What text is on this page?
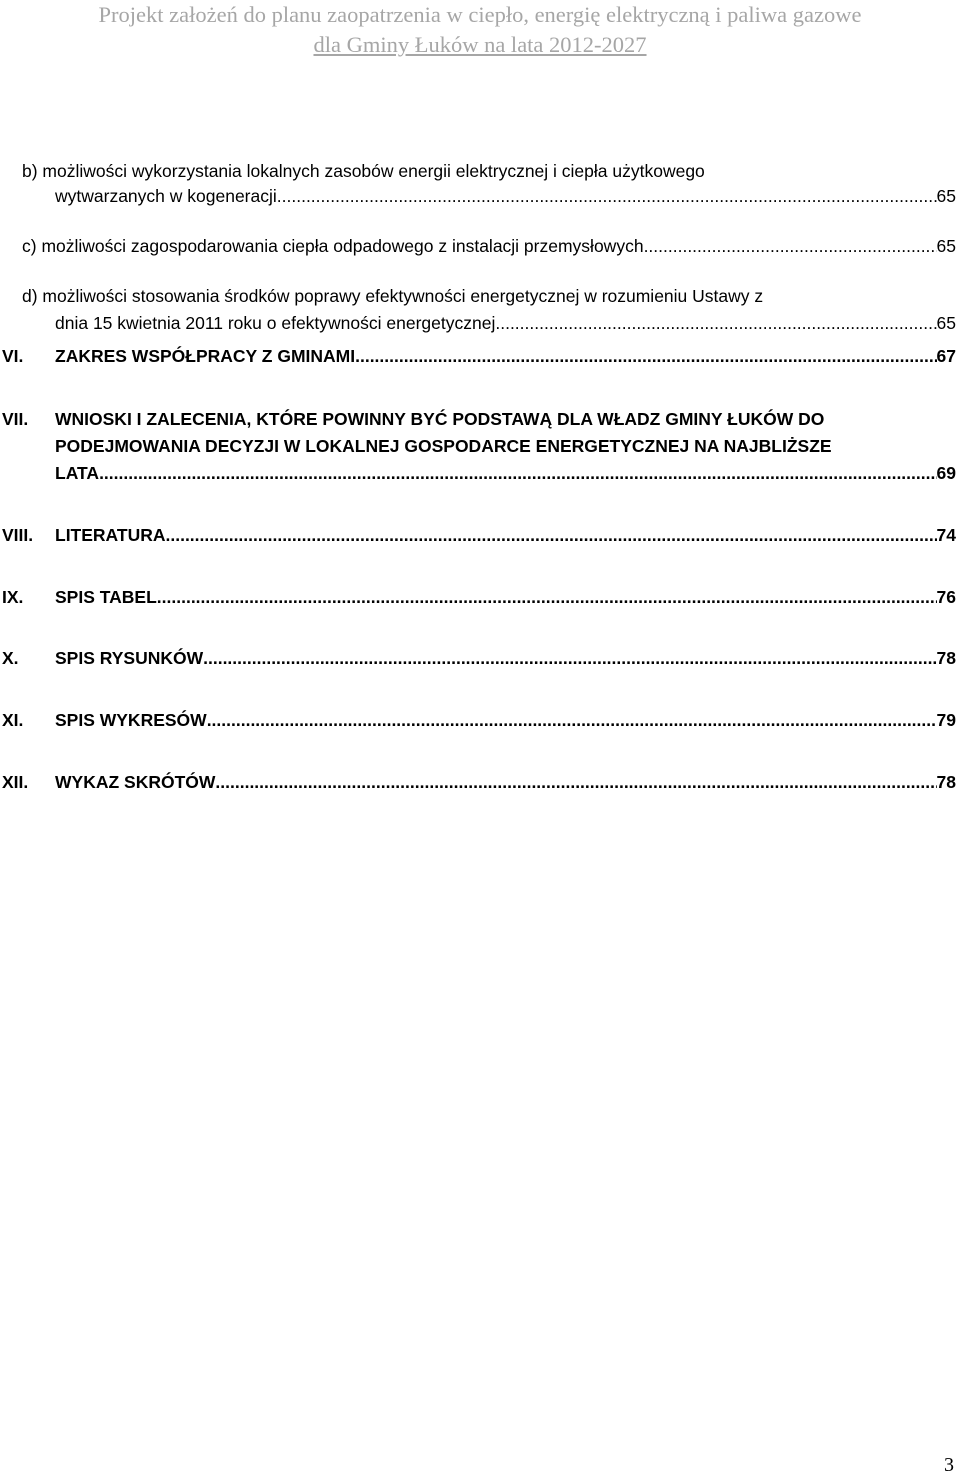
Projekt założeń do planu zaopatrzenia w ciepło, energię elektryczną i paliwa gazowe
dla Gminy Łuków na lata 2012-2027
b) możliwości wykorzystania lokalnych zasobów energii elektrycznej i ciepła użytkowego
wytwarzanych w kogeneracji .....	65
c) możliwości zagospodarowania ciepła odpadowego z instalacji przemysłowych .....	65
d) możliwości stosowania środków poprawy efektywności energetycznej w rozumieniu Ustawy z
dnia 15 kwietnia 2011 roku o efektywności energetycznej. .....	65
VI. ZAKRES WSPÓŁPRACY Z GMINAMI. .....	67
VII. WNIOSKI I ZALECENIA, KTÓRE POWINNY BYĆ PODSTAWĄ DLA WŁADZ GMINY ŁUKÓW DO
PODEJMOWANIA DECYZJI W LOKALNEJ GOSPODARCE ENERGETYCZNEJ NA NAJBLIŻSZE
LATA .....	69
VIII. LITERATURA .....	74
IX. SPIS TABEL .....	76
X. SPIS RYSUNKÓW .....	78
XI. SPIS WYKRESÓW .....	79
XII. WYKAZ SKRÓTÓW .....	78
3
